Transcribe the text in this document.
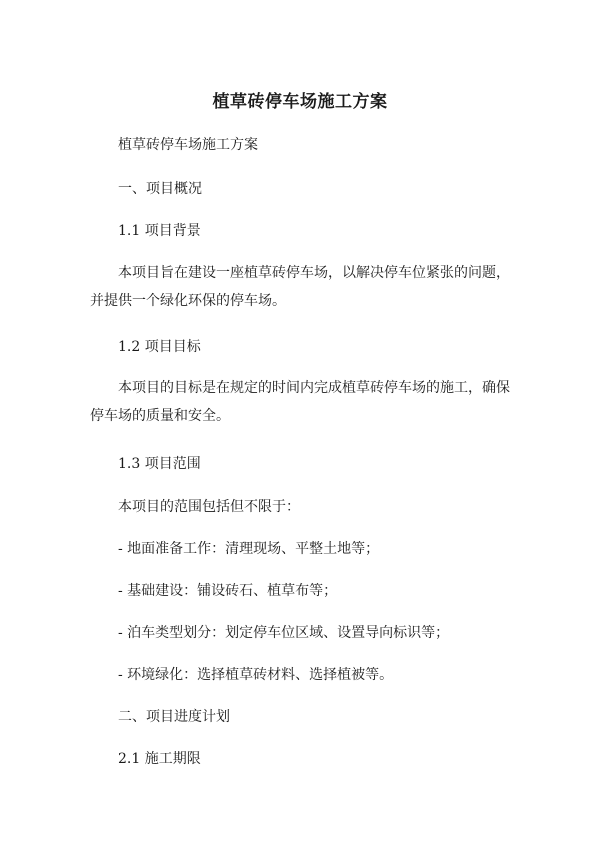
植草砖停车场施工方案
植草砖停车场施工方案
一、项目概况
1.1 项目背景
本项目旨在建设一座植草砖停车场，以解决停车位紧张的问题，并提供一个绿化环保的停车场。
1.2 项目目标
本项目的目标是在规定的时间内完成植草砖停车场的施工，确保停车场的质量和安全。
1.3 项目范围
本项目的范围包括但不限于：
- 地面准备工作：清理现场、平整土地等；
- 基础建设：铺设砖石、植草布等；
- 泊车类型划分：划定停车位区域、设置导向标识等；
- 环境绿化：选择植草砖材料、选择植被等。
二、项目进度计划
2.1 施工期限
